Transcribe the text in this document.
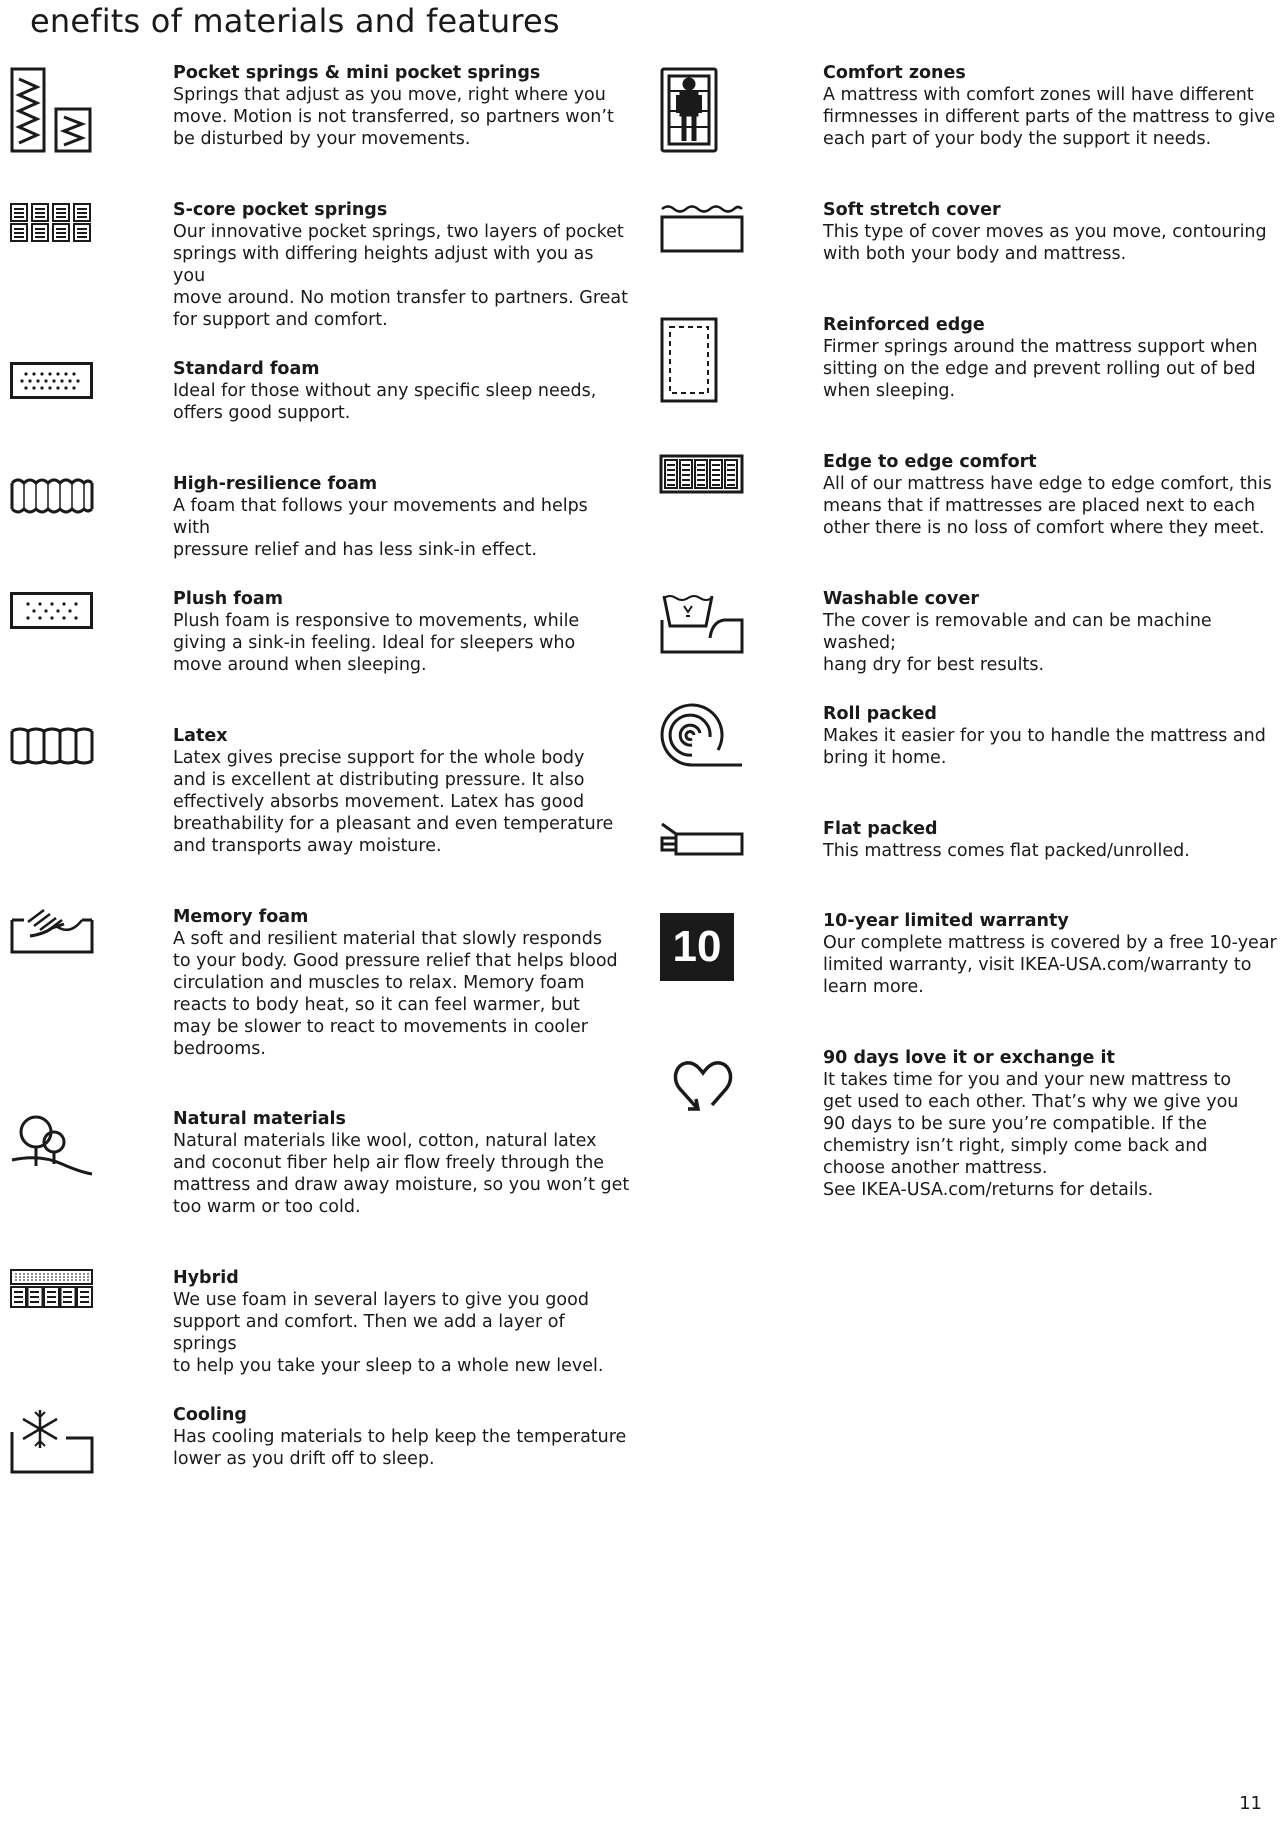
enefits of materials and features

Pocket springs & mini pocket springs

Springs that adjust as you move, right where you
move. Motion is not transferred, so partners won’t
be disturbed by your movements.

S-core pocket springs

Our innovative pocket springs, two layers of pocket
springs with differing heights adjust with you as you
move around. No motion transfer to partners. Great
for support and comfort.

Standard foam

Ideal for those without any specific sleep needs,
offers good support.

High-resilience foam

A foam that follows your movements and helps with
pressure relief and has less sink-in effect.

Plush foam

Plush foam is responsive to movements, while
giving a sink-in feeling. Ideal for sleepers who
move around when sleeping.

Latex

Latex gives precise support for the whole body
and is excellent at distributing pressure. It also
effectively absorbs movement. Latex has good
breathability for a pleasant and even temperature
and transports away moisture.

Memory foam

A soft and resilient material that slowly responds
to your body. Good pressure relief that helps blood
circulation and muscles to relax. Memory foam
reacts to body heat, so it can feel warmer, but
may be slower to react to movements in cooler
bedrooms.

Natural materials

Natural materials like wool, cotton, natural latex
and coconut fiber help air flow freely through the
mattress and draw away moisture, so you won’t get
too warm or too cold.

Hybrid

We use foam in several layers to give you good
support and comfort. Then we add a layer of springs
to help you take your sleep to a whole new level.

Cooling

Has cooling materials to help keep the temperature
lower as you drift off to sleep.

Comfort zones

A mattress with comfort zones will have different
firmnesses in different parts of the mattress to give
each part of your body the support it needs.

Soft stretch cover

This type of cover moves as you move, contouring
with both your body and mattress.

Reinforced edge

Firmer springs around the mattress support when
sitting on the edge and prevent rolling out of bed
when sleeping.

Edge to edge comfort

All of our mattress have edge to edge comfort, this
means that if mattresses are placed next to each
other there is no loss of comfort where they meet.

Washable cover

The cover is removable and can be machine washed;
hang dry for best results.

Roll packed

Makes it easier for you to handle the mattress and
bring it home.

Flat packed

This mattress comes flat packed/unrolled.

10

10-year limited warranty

Our complete mattress is covered by a free 10-year
limited warranty, visit IKEA-USA.com/warranty to
learn more.

90 days love it or exchange it

It takes time for you and your new mattress to
get used to each other. That’s why we give you
90 days to be sure you’re compatible. If the
chemistry isn’t right, simply come back and
choose another mattress.
See IKEA-USA.com/returns for details.

11
